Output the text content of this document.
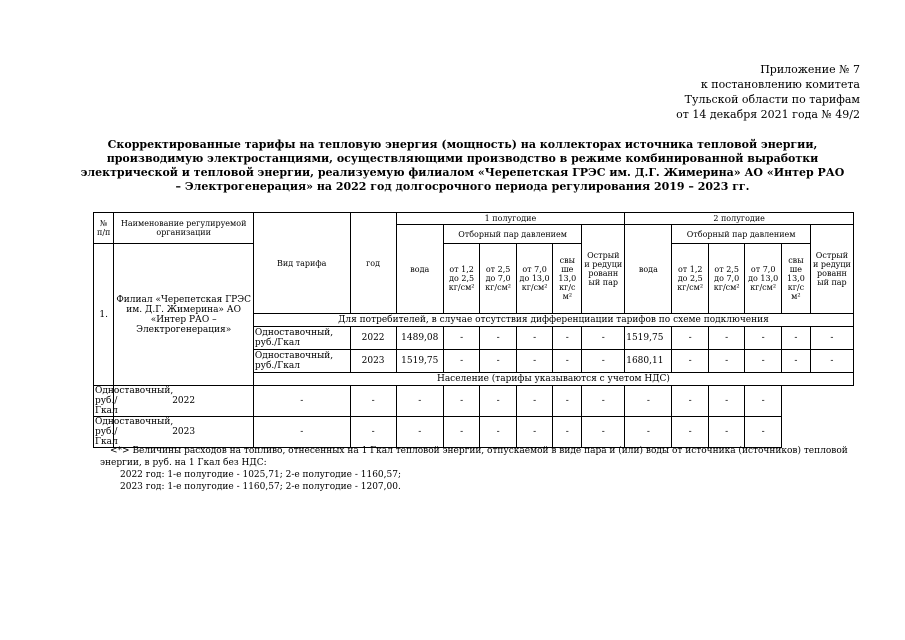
Приложение № 7
к постановлению комитета
Тульской области по тарифам
от 14 декабря 2021 года № 49/2
Скорректированные тарифы на тепловую энергия (мощность) на коллекторах источника тепловой энергии, производимую электростанциями, осуществляющими производство в режиме комбинированной выработки электрической и тепловой энергии, реализуемую филиалом «Черепетская ГРЭС им. Д.Г. Жимерина» АО «Интер РАО – Электрогенерация» на 2022 год долгосрочного периода регулирования 2019 – 2023 гг.
№ п/п	Наименование регулируемой организации	Вид тарифа	год	1 полугодие						2 полугодие					
				вода	Отборный пар давлением				Острый и редуци рованн ый пар	вода	Отборный пар давлением				Острый и редуци рованн ый пар
1.	Филиал «Черепетская ГРЭС им. Д.Г. Жимерина» АО «Интер РАО – Электрогенерация»				от 1,2 до 2,5 кг/см²	от 2,5 до 7,0 кг/см²	от 7,0 до 13,0 кг/см²	свы ше 13,0 кг/с м²			от 1,2 до 2,5 кг/см²	от 2,5 до 7,0 кг/см²	от 7,0 до 13,0 кг/см²	свы ше 13,0 кг/с м²	

		Для потребителей, в случае отсутствия дифференциации тарифов по схеме подключения													
		Одноставочный, руб./Гкал	2022	1489,08	-	-	-	-	-	1519,75	-	-	-	-	-
		Одноставочный, руб./Гкал	2023	1519,75	-	-	-	-	-	1680,11	-	-	-	-	-
		Население (тарифы указываются с учетом НДС)													
Одноставочный, руб./Гкал	2022	-	-	-	-	-	-	-	-	-	-	-	-		
Одноставочный, руб./Гкал	2023	-	-	-	-	-	-	-	-	-	-	-	-		

<*> Величины расходов на топливо, отнесенных на 1 Гкал тепловой энергии, отпускаемой в виде пара и (или) воды от источника (источников) тепловой энергии, в руб. на 1 Гкал без НДС:

2022 год: 1-е полугодие - 1025,71; 2-е полугодие - 1160,57;

2023 год: 1-е полугодие - 1160,57; 2-е полугодие - 1207,00.
